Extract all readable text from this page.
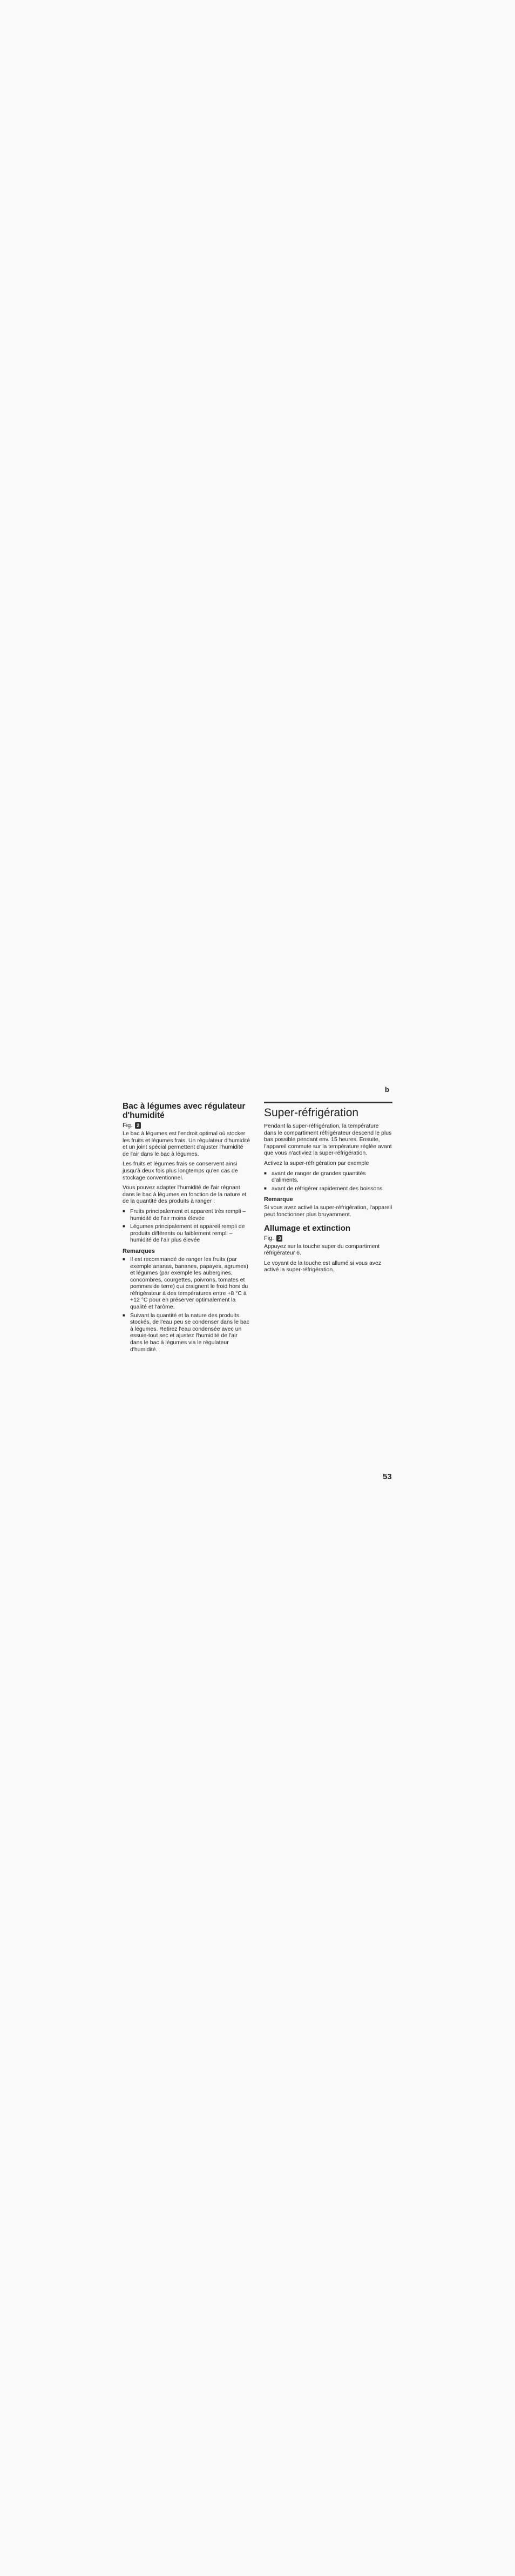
b
Bac à légumes avec régulateur d'humidité
Fig. 2

Le bac à légumes est l'endroit optimal où stocker les fruits et légumes frais. Un régulateur d'humidité et un joint spécial permettent d'ajuster l'humidité de l'air dans le bac à légumes.

Les fruits et légumes frais se conservent ainsi jusqu'à deux fois plus longtemps qu'en cas de stockage conventionnel.

Vous pouvez adapter l'humidité de l'air régnant dans le bac à légumes en fonction de la nature et de la quantité des produits à ranger :

■ Fruits principalement et apparent très rempli – humidité de l'air moins élevée
■ Légumes principalement et appareil rempli de produits différents ou faiblement rempli – humidité de l'air plus élevée
Remarques
■ Il est recommandé de ranger les fruits (par exemple ananas, bananes, papayes, agrumes) et légumes (par exemple les aubergines, concombres, courgettes, poivrons, tomates et pommes de terre) qui craignent le froid hors du réfrigérateur à des températures entre +8 °C à +12 °C pour en préserver optimalement la qualité et l'arôme.
■ Suivant la quantité et la nature des produits stockés, de l'eau peu se condenser dans le bac à légumes. Retirez l'eau condensée avec un essuie-tout sec et ajustez l'humidité de l'air dans le bac à légumes via le régulateur d'humidité.
Super-réfrigération

Pendant la super-réfrigération, la température dans le compartiment réfrigérateur descend le plus bas possible pendant env. 15 heures. Ensuite, l'appareil commute sur la température réglée avant que vous n'activiez la super-réfrigération.

Activez la super-réfrigération par exemple

■ avant de ranger de grandes quantités d'aliments.
■ avant de réfrigérer rapidement des boissons.
Remarque

Si vous avez activé la super-réfrigération, l'appareil peut fonctionner plus bruyamment.

Allumage et extinction
Fig. 3

Appuyez sur la touche super du compartiment réfrigérateur 6.

Le voyant de la touche est allumé si vous avez activé la super-réfrigération.

53
